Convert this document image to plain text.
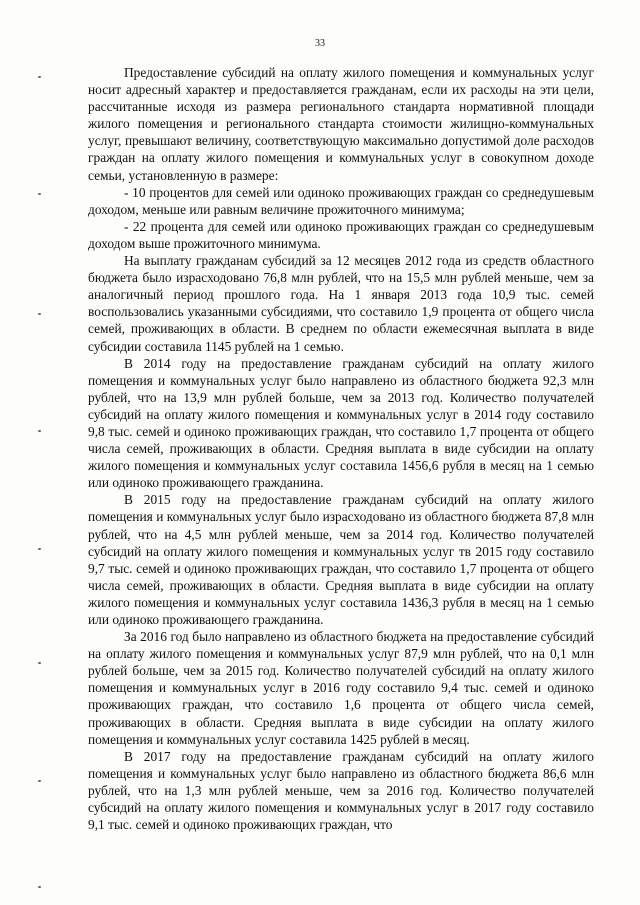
33

Предоставление субсидий на оплату жилого помещения и коммунальных услуг носит адресный характер и предоставляется гражданам, если их расходы на эти цели, рассчитанные исходя из размера регионального стандарта нормативной площади жилого помещения и регионального стандарта стоимости жилищно-коммунальных услуг, превышают величину, соответствующую максимально допустимой доле расходов граждан на оплату жилого помещения и коммунальных услуг в совокупном доходе семьи, установленную в размере:

- 10 процентов для семей или одиноко проживающих граждан со среднедушевым доходом, меньше или равным величине прожиточного минимума;

- 22 процента для семей или одиноко проживающих граждан со среднедушевым доходом выше прожиточного минимума.

На выплату гражданам субсидий за 12 месяцев 2012 года из средств областного бюджета было израсходовано 76,8 млн рублей, что на 15,5 млн рублей меньше, чем за аналогичный период прошлого года. На 1 января 2013 года 10,9 тыс. семей воспользовались указанными субсидиями, что составило 1,9 процента от общего числа семей, проживающих в области. В среднем по области ежемесячная выплата в виде субсидии составила 1145 рублей на 1 семью.

В 2014 году на предоставление гражданам субсидий на оплату жилого помещения и коммунальных услуг было направлено из областного бюджета 92,3 млн рублей, что на 13,9 млн рублей больше, чем за 2013 год. Количество получателей субсидий на оплату жилого помещения и коммунальных услуг в 2014 году составило 9,8 тыс. семей и одиноко проживающих граждан, что составило 1,7 процента от общего числа семей, проживающих в области. Средняя выплата в виде субсидии на оплату жилого помещения и коммунальных услуг составила 1456,6 рубля в месяц на 1 семью или одиноко проживающего гражданина.

В 2015 году на предоставление гражданам субсидий на оплату жилого помещения и коммунальных услуг было израсходовано из областного бюджета 87,8 млн рублей, что на 4,5 млн рублей меньше, чем за 2014 год. Количество получателей субсидий на оплату жилого помещения и коммунальных услуг тв 2015 году составило 9,7 тыс. семей и одиноко проживающих граждан, что составило 1,7 процента от общего числа семей, проживающих в области. Средняя выплата в виде субсидии на оплату жилого помещения и коммунальных услуг составила 1436,3 рубля в месяц на 1 семью или одиноко проживающего гражданина.

За 2016 год было направлено из областного бюджета на предоставление субсидий на оплату жилого помещения и коммунальных услуг 87,9 млн рублей, что на 0,1 млн рублей больше, чем за 2015 год. Количество получателей субсидий на оплату жилого помещения и коммунальных услуг в 2016 году составило 9,4 тыс. семей и одиноко проживающих граждан, что составило 1,6 процента от общего числа семей, проживающих в области. Средняя выплата в виде субсидии на оплату жилого помещения и коммунальных услуг составила 1425 рублей в месяц.

В 2017 году на предоставление гражданам субсидий на оплату жилого помещения и коммунальных услуг было направлено из областного бюджета 86,6 млн рублей, что на 1,3 млн рублей меньше, чем за 2016 год. Количество получателей субсидий на оплату жилого помещения и коммунальных услуг в 2017 году составило 9,1 тыс. семей и одиноко проживающих граждан, что
